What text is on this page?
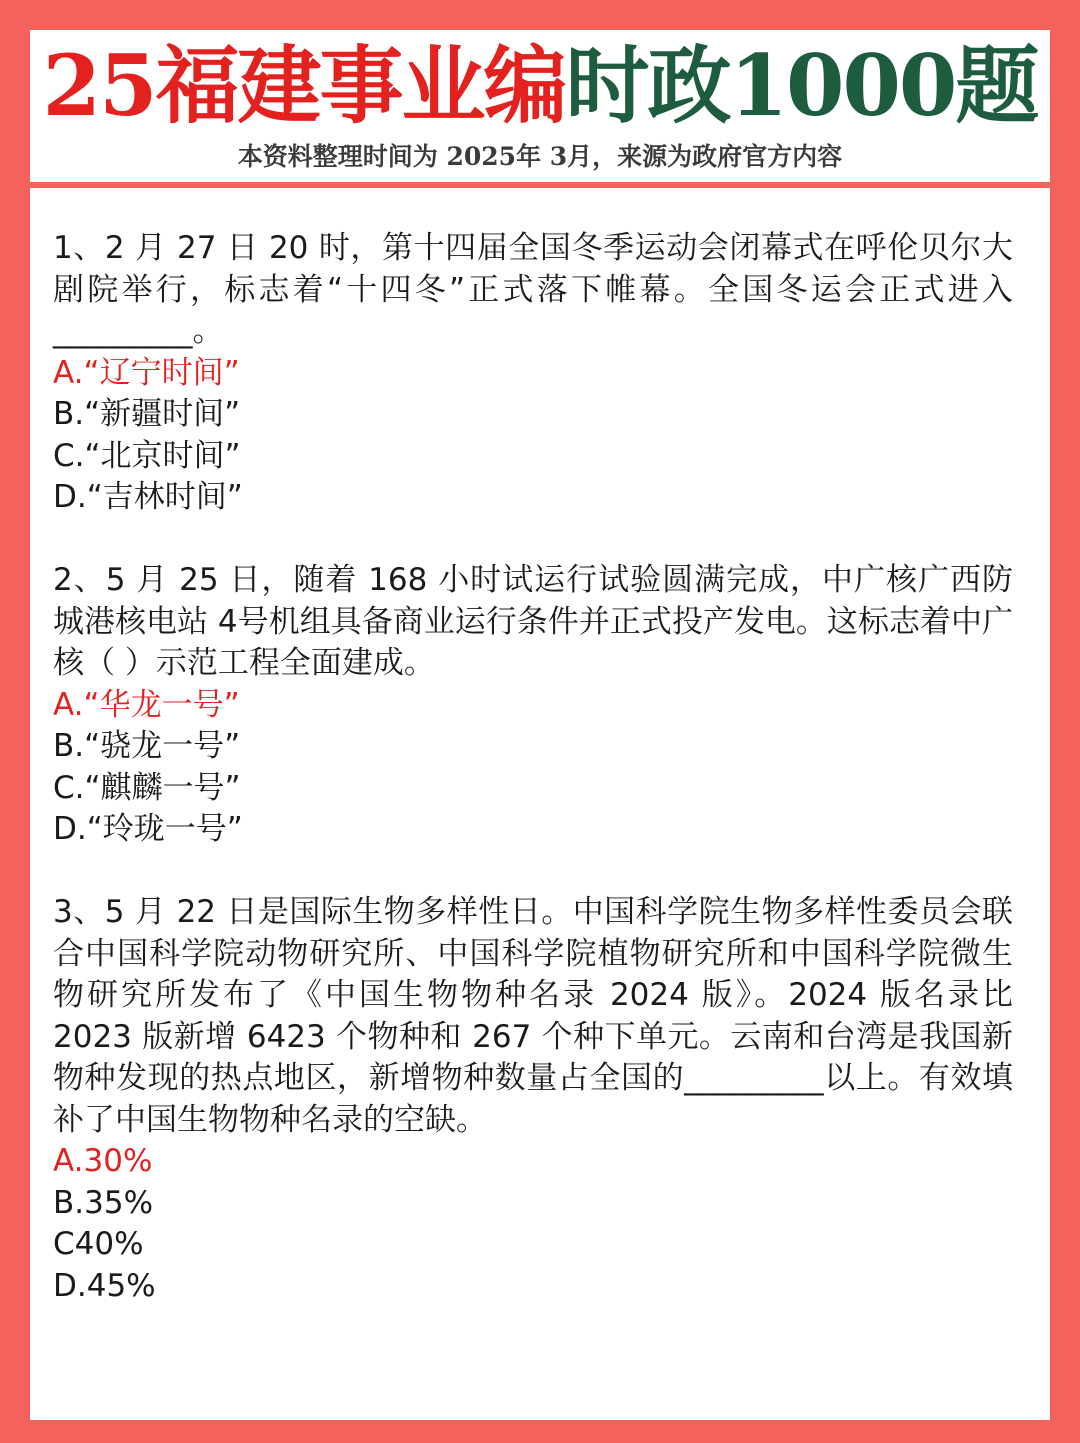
25福建事业编时政1000题
本资料整理时间为 2025年 3月，来源为政府官方内容

1、2 月 27 日 20 时，第十四届全国冬季运动会闭幕式在呼伦贝尔大剧院举行，标志着“十四冬”正式落下帷幕。全国冬运会正式进入_________。

A.“辽宁时间”

B.“新疆时间”

C.“北京时间”

D.“吉林时间”

2、5 月 25 日，随着 168 小时试运行试验圆满完成，中广核广西防城港核电站 4号机组具备商业运行条件并正式投产发电。这标志着中广核（ ）示范工程全面建成。

A.“华龙一号”

B.“骁龙一号”

C.“麒麟一号”

D.“玲珑一号”

3、5 月 22 日是国际生物多样性日。中国科学院生物多样性委员会联合中国科学院动物研究所、中国科学院植物研究所和中国科学院微生物研究所发布了《中国生物物种名录 2024 版》。2024 版名录比 2023 版新增 6423 个物种和 267 个种下单元。云南和台湾是我国新物种发现的热点地区，新增物种数量占全国的_________以上。有效填补了中国生物物种名录的空缺。

A.30%

B.35%

C40%

D.45%
